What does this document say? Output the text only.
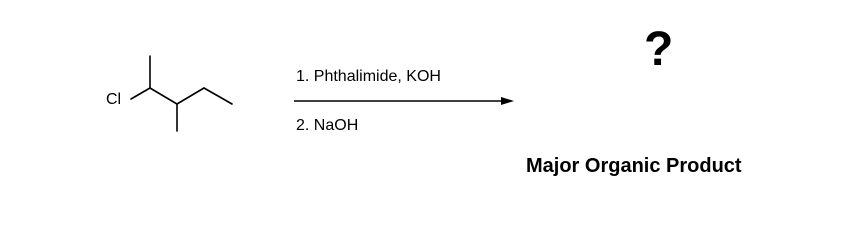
Cl
1. Phthalimide, KOH
2. NaOH
?
Major Organic Product
